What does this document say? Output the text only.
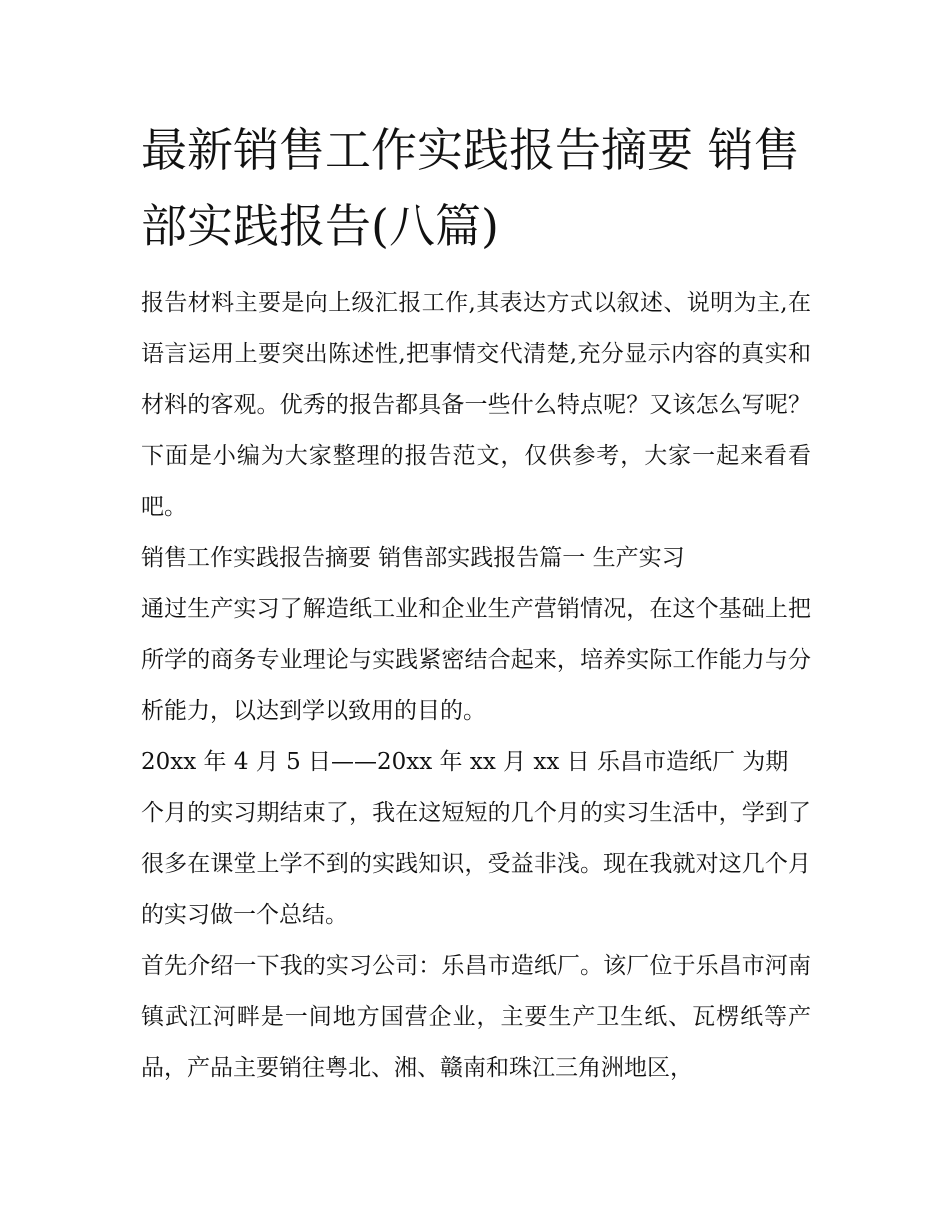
最新销售工作实践报告摘要 销售部实践报告(八篇)

报告材料主要是向上级汇报工作,其表达方式以叙述、说明为主,在语言运用上要突出陈述性,把事情交代清楚,充分显示内容的真实和材料的客观。优秀的报告都具备一些什么特点呢？又该怎么写呢？下面是小编为大家整理的报告范文，仅供参考，大家一起来看看吧。

销售工作实践报告摘要 销售部实践报告篇一 生产实习

通过生产实习了解造纸工业和企业生产营销情况，在这个基础上把所学的商务专业理论与实践紧密结合起来，培养实际工作能力与分析能力，以达到学以致用的目的。

20xx 年 4 月 5 日——20xx 年 xx 月 xx 日 乐昌市造纸厂 为期

个月的实习期结束了，我在这短短的几个月的实习生活中，学到了很多在课堂上学不到的实践知识，受益非浅。现在我就对这几个月的实习做一个总结。

首先介绍一下我的实习公司：乐昌市造纸厂。该厂位于乐昌市河南镇武江河畔是一间地方国营企业，主要生产卫生纸、瓦楞纸等产品，产品主要销往粤北、湘、赣南和珠江三角洲地区，
